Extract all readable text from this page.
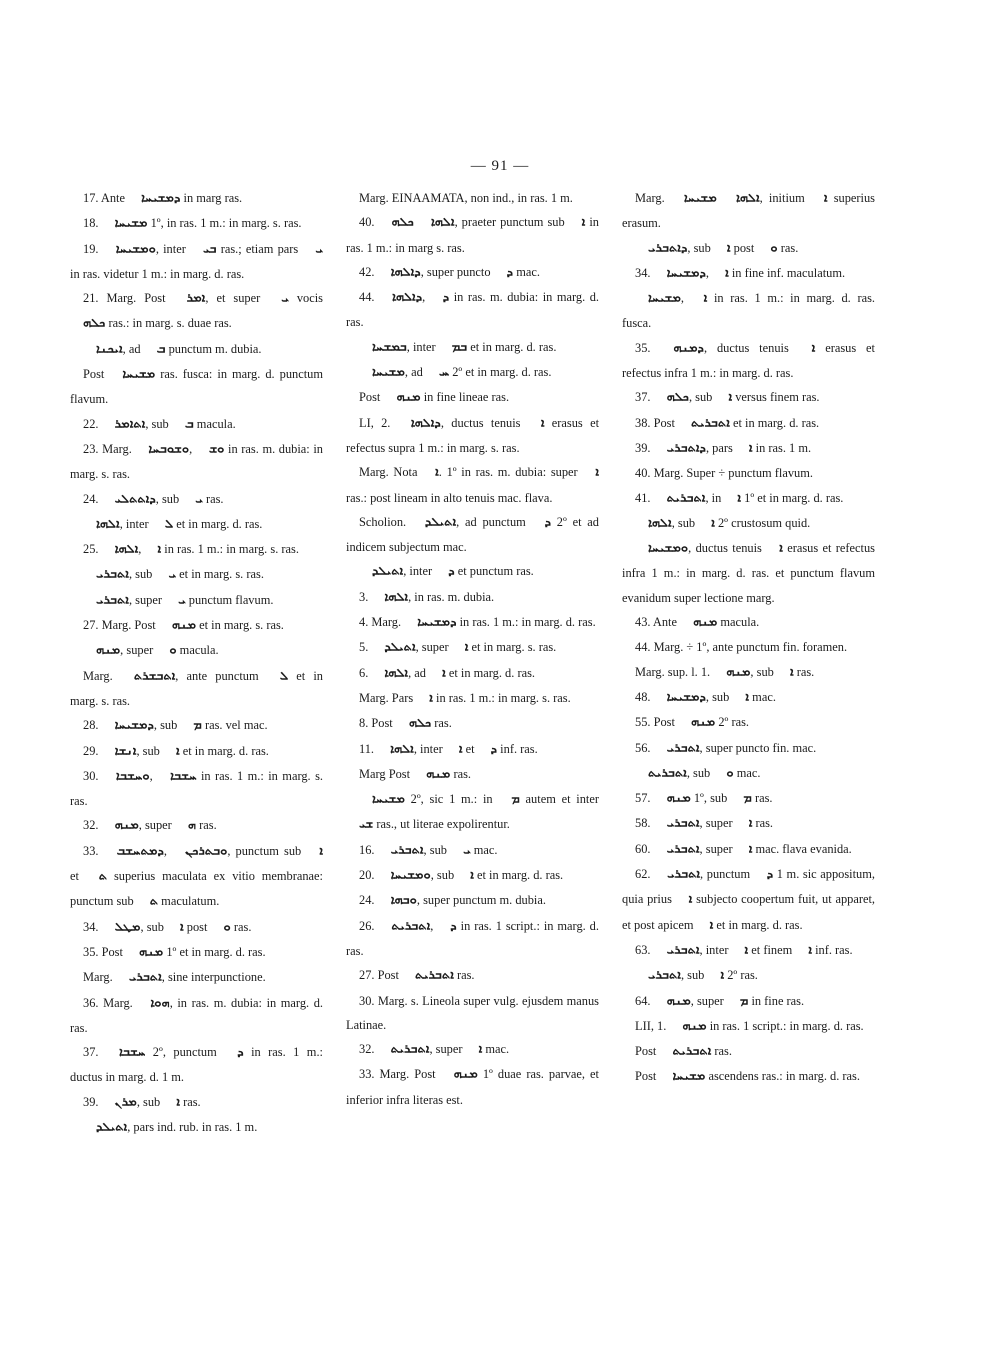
— 91 —

17. Ante ܕܡܫܝܚܐ in marg ras.

18. ܡܫܝܚܐ 1º, in ras. 1 m.: in marg. s. ras.

19. ܘܡܫܝܚܐ, inter ܒܝ ras.; etiam pars ܝ in ras. videtur 1 m.: in marg. d. ras.

21. Marg. Post ܐܡܪ, et super ܝ vocis ܟܠܗ ras.: in marg. s. duae ras.

ܐܝܟܢܐ, ad ܒ punctum m. dubia.

Post ܡܫܝܚܐ ras. fusca: in marg. d. punctum flavum.

22. ܐܬܐܡܪ, sub ܒ macula.

23. Marg. ܘܫܘܒܚܐ, ܘܫ in ras. m. dubia: in marg. s. ras.

24. ܕܐܬܬܠܝ, sub ܝ ras.

ܐܠܗܐ, inter ܠ et in marg. d. ras.

25. ܐܠܗܐ, ܐ in ras. 1 m.: in marg. s. ras.

ܐܬܒܪܝ, sub ܝ et in marg. s. ras.

ܐܬܒܪܝ, super ܝ punctum flavum.

27. Marg. Post ܡܢܗ et in marg. s. ras.

ܡܢܗ, super ܘ macula.

Marg. ܐܬܒܫܪܬ, ante punctum ܠ et in marg. s. ras.

28. ܕܡܫܝܚܐ, sub ܡ ras. vel mac.

29. ܐܢܫܐ, sub ܐ et in marg. d. ras.

30. ܘܚܫܒܐ, ܚܫܒܐ in ras. 1 m.: in marg. s. ras.

32. ܡܢܗ, super ܗ ras.

33. ܕܡܬܚܫܒ, ܘܒܬܪܟܢ, punctum sub ܐ et ܬ superius maculata ex vitio membranae: punctum sub ܬ maculatum.

34. ܡܛܠ, sub ܐ post ܘ ras.

35. Post ܡܢܗ 1º et in marg. d. ras.

Marg. ܐܬܒܪܝ, sine interpunctione.

36. Marg. ܗܘܐ, in ras. m. dubia: in marg. d. ras.

37. ܚܫܒܐ 2º, punctum ܕ in ras. 1 m.: ductus in marg. d. 1 m.

39. ܡܪܢ, sub ܐ ras.

ܐܬܝܠܕ, pars ind. rub. in ras. 1 m.

Marg. ΕΙΝΑΑΜΑΤΑ, non ind., in ras. 1 m.

40. ܟܠܗ ܐܠܗܐ, praeter punctum sub ܐ in ras. 1 m.: in marg s. ras.

42. ܕܐܠܗܐ, super puncto ܕ mac.

44. ܕܐܠܗܐ, ܕ in ras. m. dubia: in marg. d. ras.

ܒܡܫܚܐ, inter ܒܡ et in marg. d. ras.

ܡܫܝܚܐ, ad ܚ 2º et in marg. d. ras.

Post ܡܢܗ in fine lineae ras.

LI, 2. ܕܐܠܗܐ, ductus tenuis ܐ erasus et refectus supra 1 m.: in marg. s. ras.

Marg. Nota ܐ. 1º in ras. m. dubia: super ܐ ras.: post lineam in alto tenuis mac. flava.

Scholion. ܐܬܝܠܕ, ad punctum ܕ 2º et ad indicem subjectum mac.

ܐܬܝܠܕ, inter ܕ et punctum ras.

3. ܐܠܗܐ, in ras. m. dubia.

4. Marg. ܕܡܫܝܚܐ in ras. 1 m.: in marg. d. ras.

5. ܐܬܝܠܕ, super ܐ et in marg. s. ras.

6. ܐܠܗܐ, ad ܐ et in marg. d. ras.

Marg. Pars ܐ in ras. 1 m.: in marg. s. ras.

8. Post ܟܠܗ ras.

11. ܐܠܗܐ, inter ܐ et ܕ inf. ras.

Marg Post ܡܢܗ ras.

ܡܫܝܚܐ 2º, sic 1 m.: in ܡ autem et inter ܫܝ ras., ut literae expolirentur.

16. ܐܬܒܪܝ, sub ܝ mac.

20. ܘܡܫܝܚܐ, sub ܐ et in marg. d. ras.

24. ܘܒܗܐ, super punctum m. dubia.

26. ܐܬܒܪܝܬ, ܕ in ras. 1 script.: in marg. d. ras.

27. Post ܐܬܒܪܝܬ ras.

30. Marg. s. Lineola super vulg. ejusdem manus Latinae.

32. ܐܬܒܪܝܬ, super ܐ mac.

33. Marg. Post ܡܢܗ 1º duae ras. parvae, et inferior infra literas est.

Marg. ܡܫܝܚܐ ܐܠܗܐ, initium ܐ superius erasum.

ܕܐܬܒܪܝ, sub ܐ post ܘ ras.

34. ܕܡܫܝܚܐ, ܐ in fine inf. maculatum.

ܡܫܝܚܐ, ܐ in ras. 1 m.: in marg. d. ras. fusca.

35. ܕܡܢܗ, ductus tenuis ܐ erasus et refectus infra 1 m.: in marg. d. ras.

37. ܟܠܗ, sub ܐ versus finem ras.

38. Post ܐܬܒܪܝܬ et in marg. d. ras.

39. ܕܐܬܒܪܝ, pars ܐ in ras. 1 m.

40. Marg. Super ÷ punctum flavum.

41. ܐܬܒܪܝܬ, in ܐ 1º et in marg. d. ras.

ܐܠܗܐ, sub ܐ 2º crustosum quid.

ܘܡܫܝܚܐ, ductus tenuis ܐ erasus et refectus infra 1 m.: in marg. d. ras. et punctum flavum evanidum super lectione marg.

43. Ante ܡܢܗ macula.

44. Marg. ÷ 1º, ante punctum fin. foramen.

Marg. sup. l. 1. ܡܢܗ, sub ܐ ras.

48. ܕܡܫܝܚܐ, sub ܐ mac.

55. Post ܡܢܗ 2º ras.

56. ܐܬܒܪܝ, super puncto fin. mac.

ܐܬܒܪܝܬ, sub ܘ mac.

57. ܡܢܗ 1º, sub ܡ ras.

58. ܐܬܒܪܝ, super ܐ ras.

60. ܐܬܒܪܝ, super ܐ mac. flava evanida.

62. ܐܬܒܪܝ, punctum ܕ 1 m. sic appositum, quia prius ܐ subjecto coopertum fuit, ut apparet, et post apicem ܐ et in marg. d. ras.

63. ܐܬܒܪܝ, inter ܐ et finem ܐ inf. ras.

ܐܬܒܪܝ, sub ܐ 2º ras.

64. ܡܢܗ, super ܡ in fine ras.

LII, 1. ܡܢܗ in ras. 1 script.: in marg. d. ras.

Post ܐܬܒܪܝܬ ras.

Post ܡܫܝܚܐ ascendens ras.: in marg. d. ras.
